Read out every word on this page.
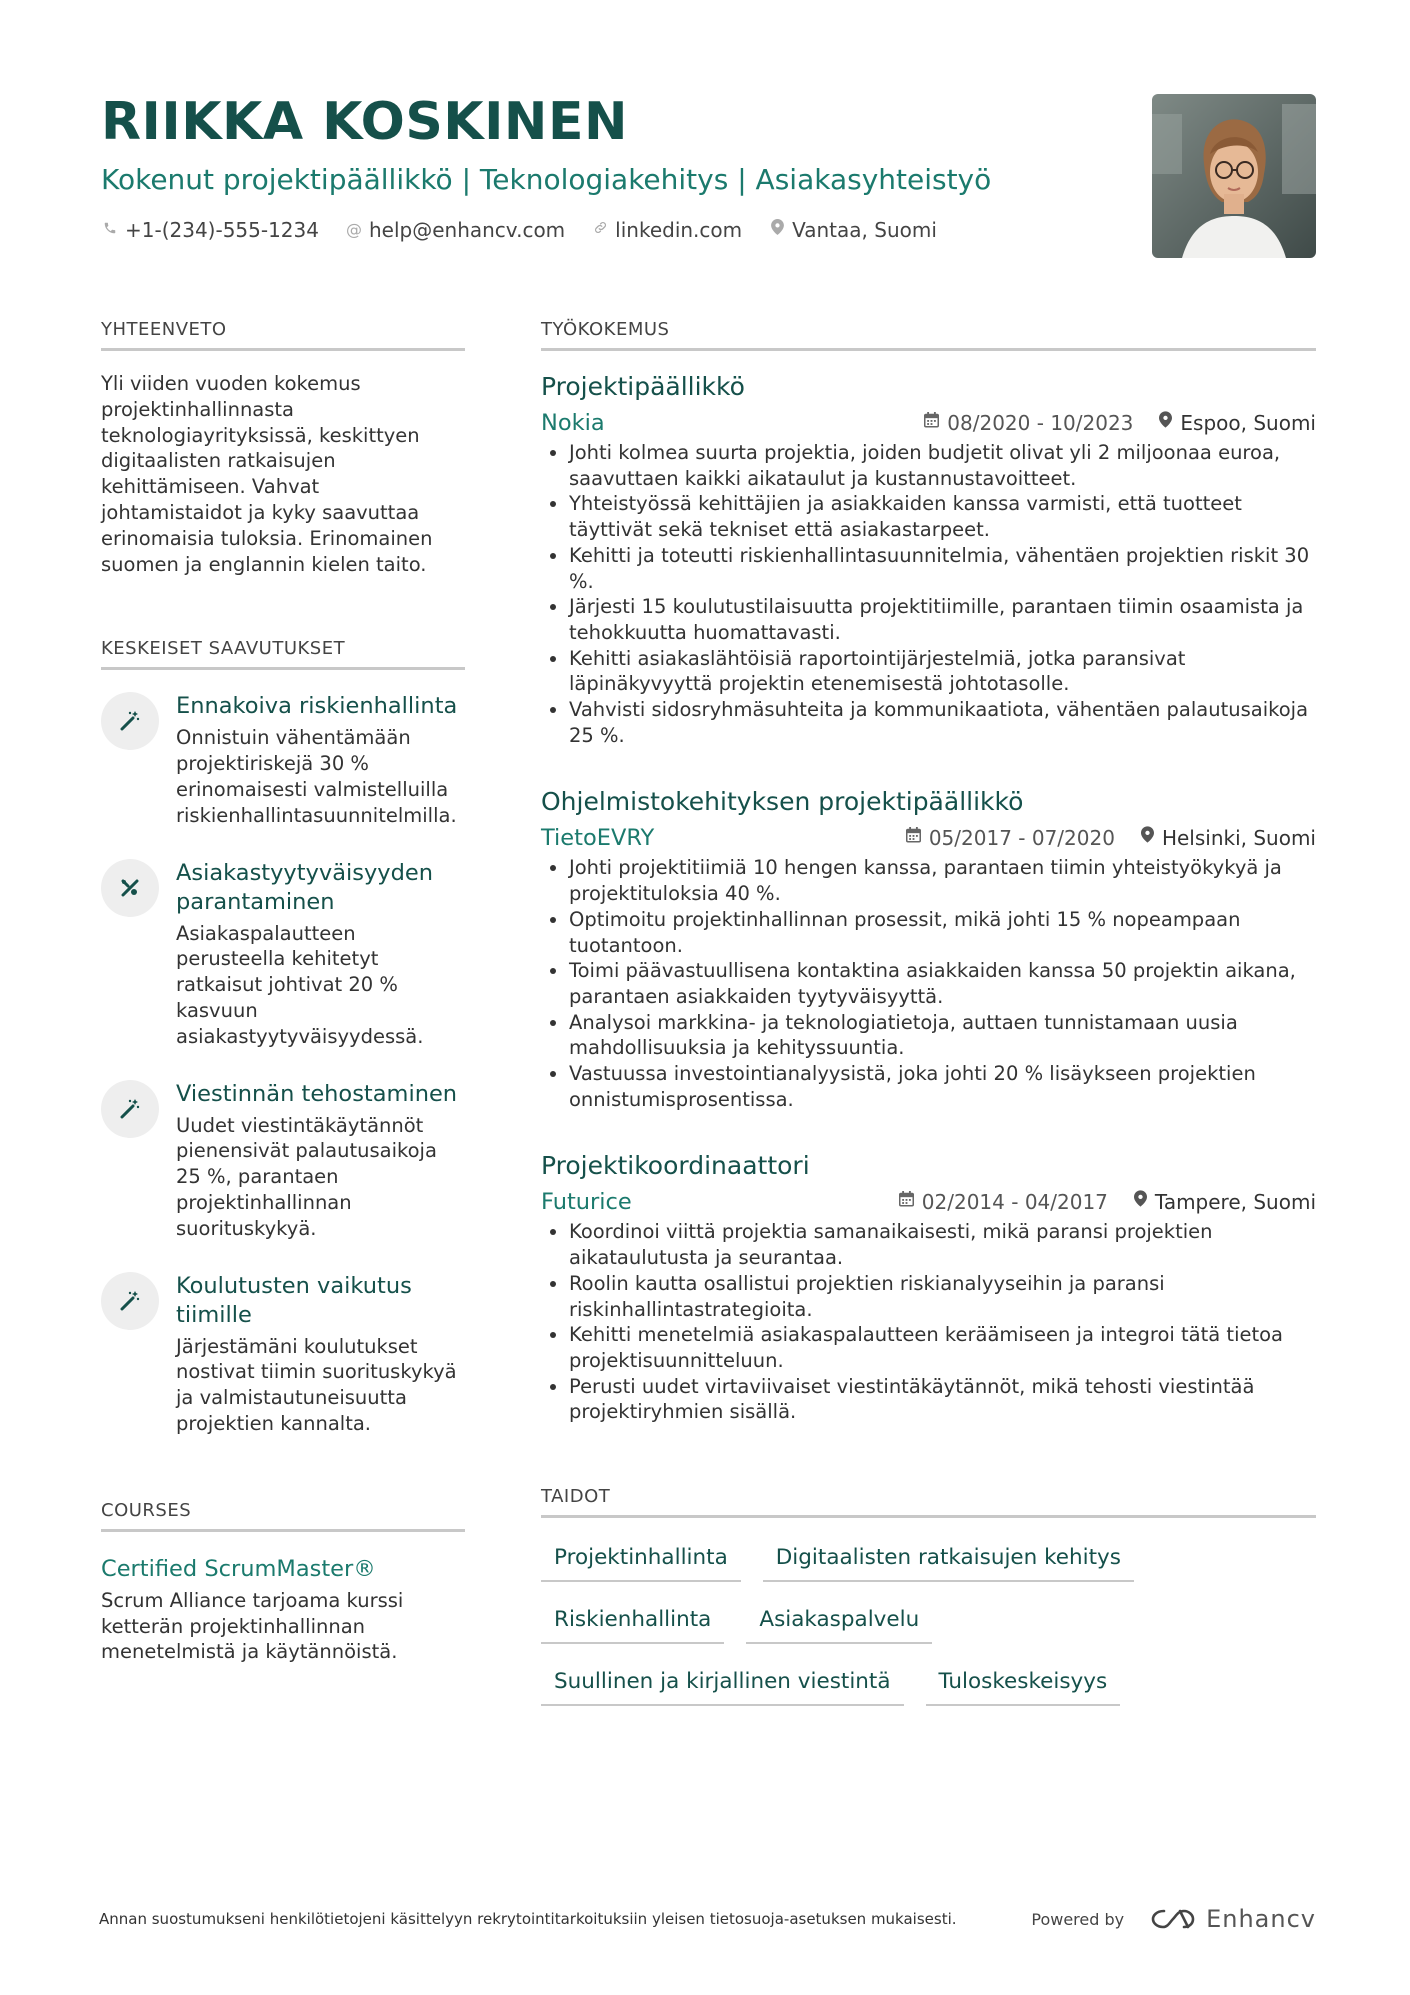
RIIKKA KOSKINEN
Kokenut projektipäällikkö | Teknologiakehitys | Asiakasyhteistyö
+1-(234)-555-1234 @ help@enhancv.com	linkedin.com	Vantaa, Suomi
YHTEENVETO
Yli viiden vuoden kokemus projektinhallinnasta teknologiayrityksissä, keskittyen digitaalisten ratkaisujen kehittämiseen. Vahvat johtamistaidot ja kyky saavuttaa erinomaisia tuloksia. Erinomainen suomen ja englannin kielen taito.
KESKEISET SAAVUTUKSET
Ennakoiva riskienhallinta
Onnistuin vähentämään projektiriskejä 30 % erinomaisesti valmistelluilla riskienhallintasuunnitelmilla.
Asiakastyytyväisyyden parantaminen
Asiakaspalautteen perusteella kehitetyt ratkaisut johtivat 20 % kasvuun asiakastyytyväisyydessä.
Viestinnän tehostaminen
Uudet viestintäkäytännöt pienensivät palautusaikoja 25 %, parantaen projektinhallinnan suorituskykyä.
Koulutusten vaikutus tiimille
Järjestämäni koulutukset nostivat tiimin suorituskykyä ja valmistautuneisuutta projektien kannalta.
COURSES
Certified ScrumMaster®
Scrum Alliance tarjoama kurssi ketterän projektinhallinnan menetelmistä ja käytännöistä.
TYÖKOKEMUS
Projektipäällikkö
Nokia	08/2020 - 10/2023 Espoo, Suomi
• Johti kolmea suurta projektia, joiden budjetit olivat yli 2 miljoonaa euroa, saavuttaen kaikki aikataulut ja kustannustavoitteet.
• Yhteistyössä kehittäjien ja asiakkaiden kanssa varmisti, että tuotteet täyttivät sekä tekniset että asiakastarpeet.
• Kehitti ja toteutti riskienhallintasuunnitelmia, vähentäen projektien riskit 30 %.
• Järjesti 15 koulutustilaisuutta projektitiimille, parantaen tiimin osaamista ja tehokkuutta huomattavasti.
• Kehitti asiakaslähtöisiä raportointijärjestelmiä, jotka paransivat läpinäkyvyyttä projektin etenemisestä johtotasolle.
• Vahvisti sidosryhmäsuhteita ja kommunikaatiota, vähentäen palautusaikoja 25 %.
Ohjelmistokehityksen projektipäällikkö
TietoEVRY	05/2017 - 07/2020 Helsinki, Suomi
• Johti projektitiimiä 10 hengen kanssa, parantaen tiimin yhteistyökykyä ja projektituloksia 40 %.
• Optimoitu projektinhallinnan prosessit, mikä johti 15 % nopeampaan tuotantoon.
• Toimi päävastuullisena kontaktina asiakkaiden kanssa 50 projektin aikana, parantaen asiakkaiden tyytyväisyyttä.
• Analysoi markkina- ja teknologiatietoja, auttaen tunnistamaan uusia mahdollisuuksia ja kehityssuuntia.
• Vastuussa investointianalyysistä, joka johti 20 % lisäykseen projektien onnistumisprosentissa.
Projektikoordinaattori
Futurice	02/2014 - 04/2017 Tampere, Suomi
• Koordinoi viittä projektia samanaikaisesti, mikä paransi projektien aikataulutusta ja seurantaa.
• Roolin kautta osallistui projektien riskianalyyseihin ja paransi riskinhallintastrategioita.
• Kehitti menetelmiä asiakaspalautteen keräämiseen ja integroi tätä tietoa projektisuunnitteluun.
• Perusti uudet virtaviivaiset viestintäkäytännöt, mikä tehosti viestintää projektiryhmien sisällä.
TAIDOT
Projektinhallinta	Digitaalisten ratkaisujen kehitys
Riskienhallinta	Asiakaspalvelu
Suullinen ja kirjallinen viestintä	Tuloskeskeisyys
Annan suostumukseni henkilötietojeni käsittelyyn rekrytointitarkoituksiin yleisen tietosuoja-asetuksen mukaisesti.	Powered by	Enhancv
